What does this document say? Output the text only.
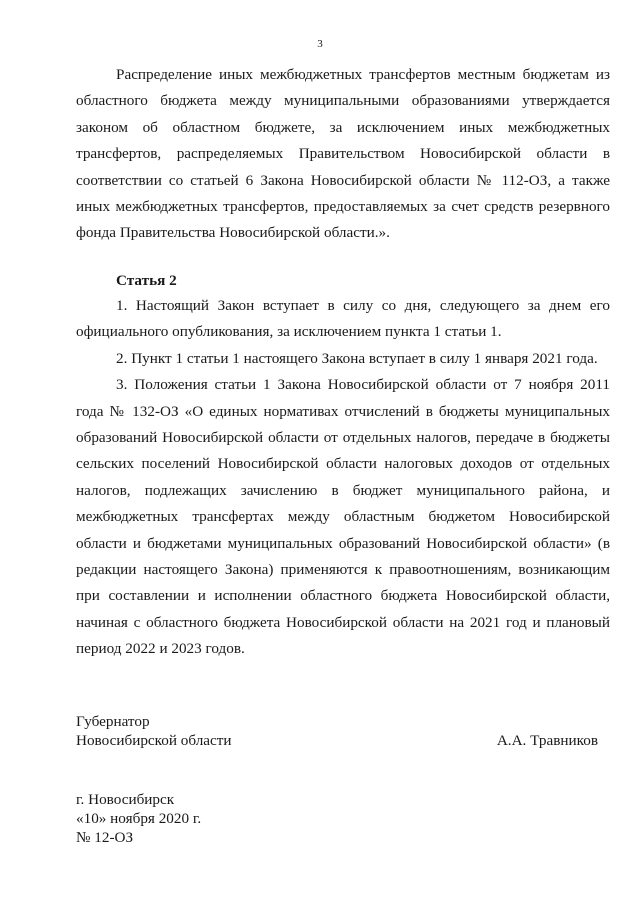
3

Распределение иных межбюджетных трансфертов местным бюджетам из областного бюджета между муниципальными образованиями утверждается законом об областном бюджете, за исключением иных межбюджетных трансфертов, распределяемых Правительством Новосибирской области в соответствии со статьей 6 Закона Новосибирской области № 112-ОЗ, а также иных межбюджетных трансфертов, предоставляемых за счет средств резервного фонда Правительства Новосибирской области.».

Статья 2

1. Настоящий Закон вступает в силу со дня, следующего за днем его официального опубликования, за исключением пункта 1 статьи 1.

2. Пункт 1 статьи 1 настоящего Закона вступает в силу 1 января 2021 года.

3. Положения статьи 1 Закона Новосибирской области от 7 ноября 2011 года № 132-ОЗ «О единых нормативах отчислений в бюджеты муниципальных образований Новосибирской области от отдельных налогов, передаче в бюджеты сельских поселений Новосибирской области налоговых доходов от отдельных налогов, подлежащих зачислению в бюджет муниципального района, и межбюджетных трансфертах между областным бюджетом Новосибирской области и бюджетами муниципальных образований Новосибирской области» (в редакции настоящего Закона) применяются к правоотношениям, возникающим при составлении и исполнении областного бюджета Новосибирской области, начиная с областного бюджета Новосибирской области на 2021 год и плановый период 2022 и 2023 годов.

Губернатор
Новосибирской области	А.А. Травников
г. Новосибирск
«10» ноября 2020 г.
№ 12-ОЗ
